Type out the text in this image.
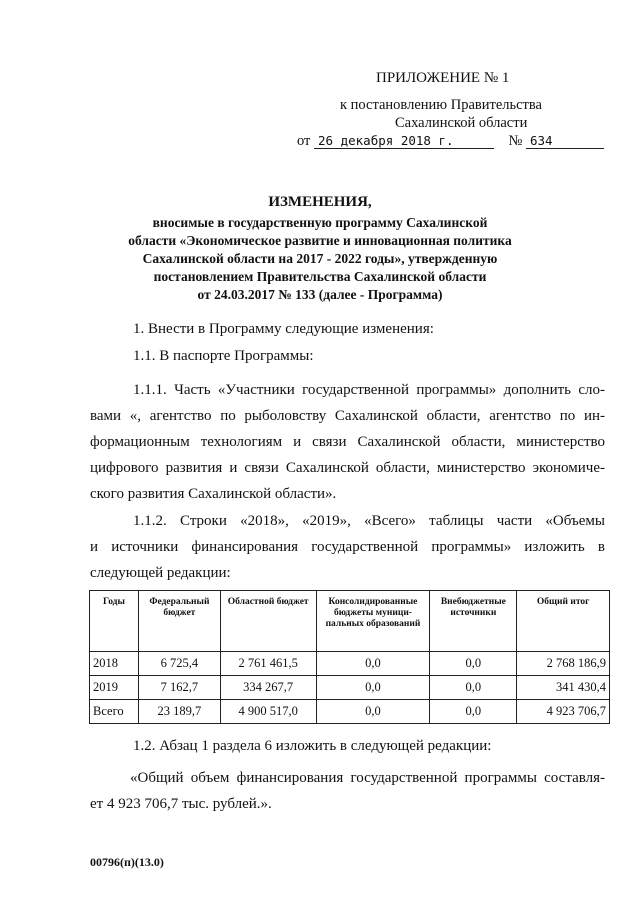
ПРИЛОЖЕНИЕ № 1
к постановлению Правительства
Сахалинской области
от 26 декабря 2018 г.	№ 634
ИЗМЕНЕНИЯ,
вносимые в государственную программу Сахалинской
области «Экономическое развитие и инновационная политика
Сахалинской области на 2017 - 2022 годы», утвержденную
постановлением Правительства Сахалинской области
от 24.03.2017 № 133 (далее - Программа)
1. Внести в Программу следующие изменения:
1.1. В паспорте Программы:
1.1.1. Часть «Участники государственной программы» дополнить сло-
вами «, агентство по рыболовству Сахалинской области, агентство по ин-
формационным технологиям и связи Сахалинской области, министерство
цифрового развития и связи Сахалинской области, министерство экономиче-
ского развития Сахалинской области».
1.1.2. Строки «2018», «2019», «Всего» таблицы части «Объемы
и источники финансирования государственной программы» изложить в
следующей редакции:
Годы	Федеральный бюджет	Областной бюджет	Консолидированные бюджеты муници-пальных образований	Внебюджетные источники	Общий итог
2018	6 725,4	2 761 461,5	0,0	0,0	2 768 186,9
2019	7 162,7	334 267,7	0,0	0,0	341 430,4
Всего	23 189,7	4 900 517,0	0,0	0,0	4 923 706,7
1.2. Абзац 1 раздела 6 изложить в следующей редакции:
«Общий объем финансирования государственной программы составля-
ет 4 923 706,7 тыс. рублей.».
00796(п)(13.0)
